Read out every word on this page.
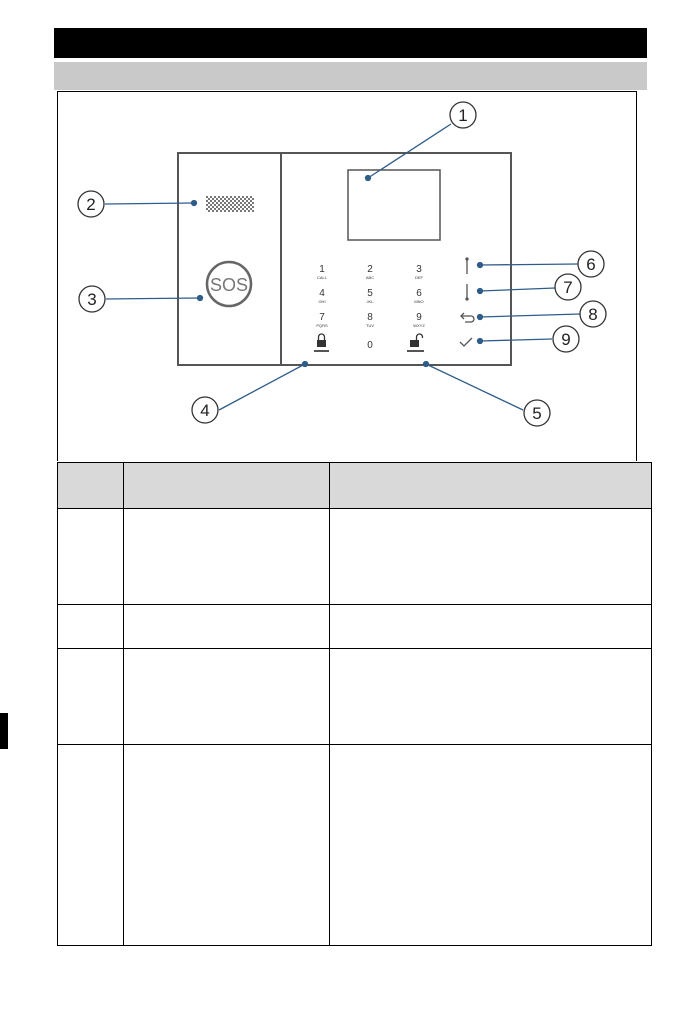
SOS
1
CALL
2
ABC
3
DEF
4
GHI
5
JKL
6
MNO
7
PQRS
8
TUV
9
WXYZ
0
1
2
3
4	5
6
7
8
9
